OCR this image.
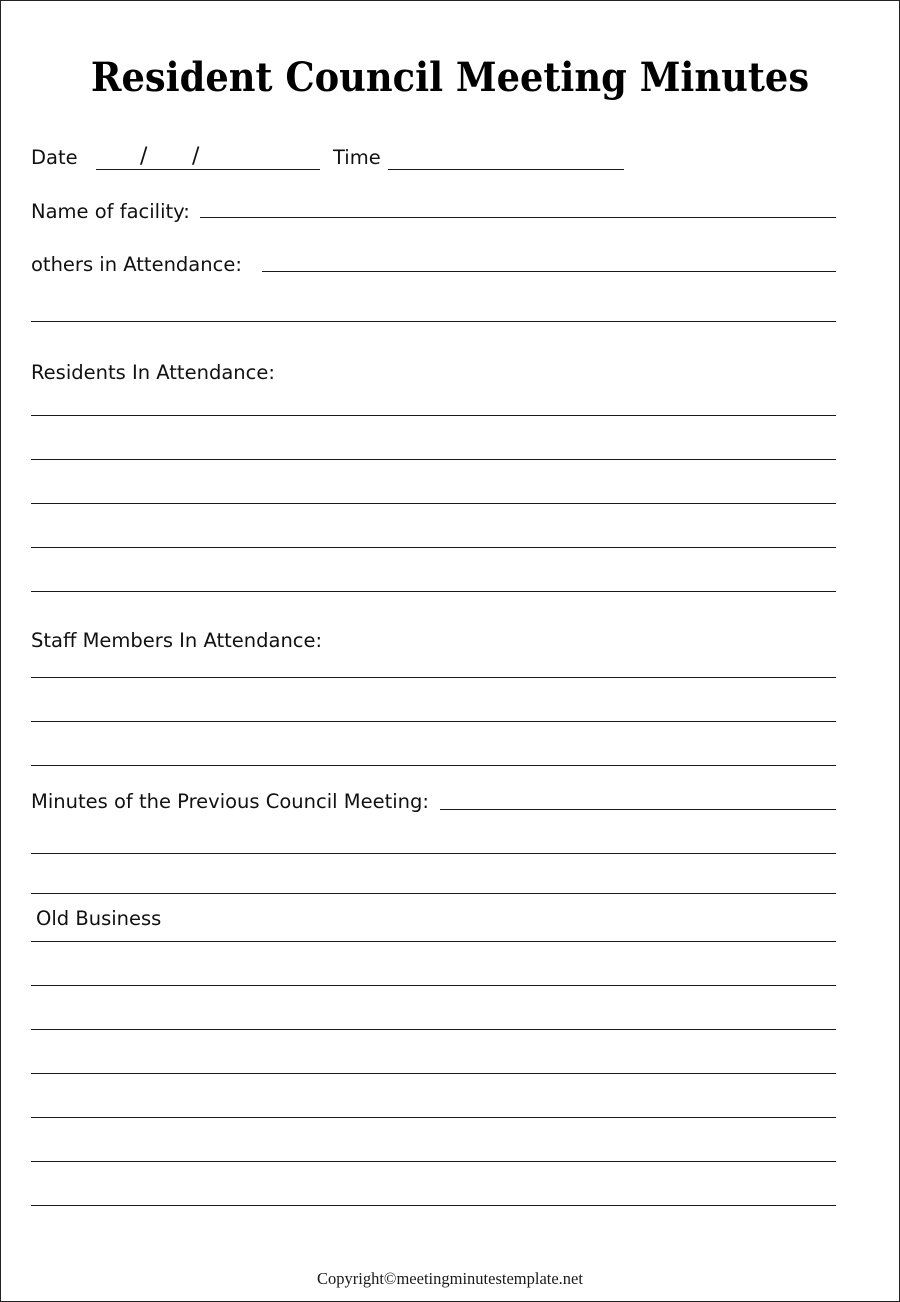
Resident Council Meeting Minutes
Date	/ /	Time
Name of facility:
others in Attendance:
Residents In Attendance:
Staff Members In Attendance:
Minutes of the Previous Council Meeting:
Old Business
Copyright©meetingminutestemplate.net
